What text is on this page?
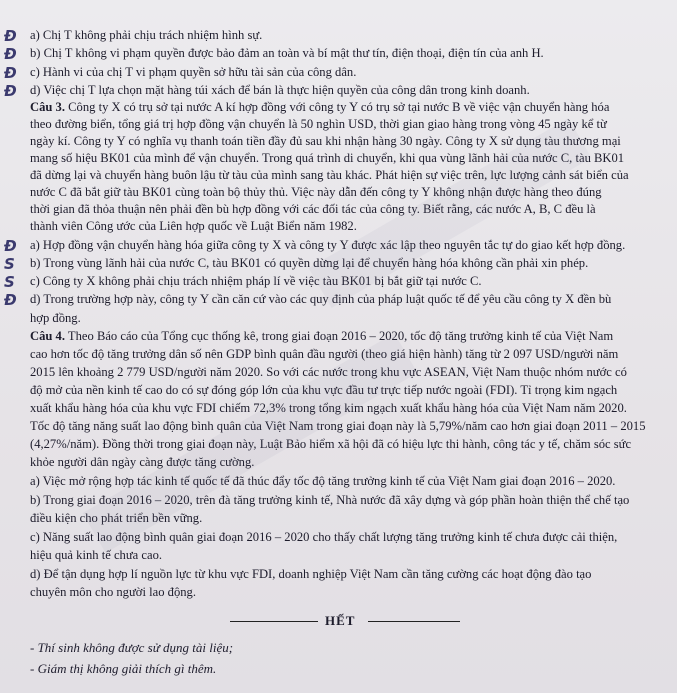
Đ	a) Chị T không phải chịu trách nhiệm hình sự.
Đ	b) Chị T không vi phạm quyền được bảo đảm an toàn và bí mật thư tín, điện thoại, điện tín của anh H.
Đ	c) Hành vi của chị T vi phạm quyền sở hữu tài sản của công dân.
Đ	d) Việc chị T lựa chọn mặt hàng túi xách để bán là thực hiện quyền của công dân trong kinh doanh.
Câu 3. Công ty X có trụ sở tại nước A kí hợp đồng với công ty Y có trụ sở tại nước B về việc vận chuyển hàng hóa
theo đường biển, tổng giá trị hợp đồng vận chuyển là 50 nghìn USD, thời gian giao hàng trong vòng 45 ngày kể từ
ngày kí. Công ty Y có nghĩa vụ thanh toán tiền đầy đủ sau khi nhận hàng 30 ngày. Công ty X sử dụng tàu thương mại
mang số hiệu BK01 của mình để vận chuyển. Trong quá trình di chuyển, khi qua vùng lãnh hải của nước C, tàu BK01
đã dừng lại và chuyển hàng buôn lậu từ tàu của mình sang tàu khác. Phát hiện sự việc trên, lực lượng cảnh sát biển của
nước C đã bắt giữ tàu BK01 cùng toàn bộ thủy thủ. Việc này dẫn đến công ty Y không nhận được hàng theo đúng
thời gian đã thỏa thuận nên phải đền bù hợp đồng với các đối tác của công ty. Biết rằng, các nước A, B, C đều là
thành viên Công ước của Liên hợp quốc về Luật Biển năm 1982.
Đ	a) Hợp đồng vận chuyển hàng hóa giữa công ty X và công ty Y được xác lập theo nguyên tắc tự do giao kết hợp đồng.
S	b) Trong vùng lãnh hải của nước C, tàu BK01 có quyền dừng lại để chuyển hàng hóa không cần phải xin phép.
S	c) Công ty X không phải chịu trách nhiệm pháp lí về việc tàu BK01 bị bắt giữ tại nước C.
Đ	d) Trong trường hợp này, công ty Y cần căn cứ vào các quy định của pháp luật quốc tế để yêu cầu công ty X đền bù
hợp đồng.
Câu 4. Theo Báo cáo của Tổng cục thống kê, trong giai đoạn 2016 – 2020, tốc độ tăng trưởng kinh tế của Việt Nam
cao hơn tốc độ tăng trưởng dân số nên GDP bình quân đầu người (theo giá hiện hành) tăng từ 2 097 USD/người năm
2015 lên khoảng 2 779 USD/người năm 2020. So với các nước trong khu vực ASEAN, Việt Nam thuộc nhóm nước có
độ mở của nền kinh tế cao do có sự đóng góp lớn của khu vực đầu tư trực tiếp nước ngoài (FDI). Tỉ trọng kim ngạch
xuất khẩu hàng hóa của khu vực FDI chiếm 72,3% trong tổng kim ngạch xuất khẩu hàng hóa của Việt Nam năm 2020.
Tốc độ tăng năng suất lao động bình quân của Việt Nam trong giai đoạn này là 5,79%/năm cao hơn giai đoạn 2011 – 2015
(4,27%/năm). Đồng thời trong giai đoạn này, Luật Bảo hiểm xã hội đã có hiệu lực thi hành, công tác y tế, chăm sóc sức
khỏe người dân ngày càng được tăng cường.
a) Việc mở rộng hợp tác kinh tế quốc tế đã thúc đẩy tốc độ tăng trưởng kinh tế của Việt Nam giai đoạn 2016 – 2020.
b) Trong giai đoạn 2016 – 2020, trên đà tăng trưởng kinh tế, Nhà nước đã xây dựng và góp phần hoàn thiện thể chế tạo
điều kiện cho phát triển bền vững.
c) Năng suất lao động bình quân giai đoạn 2016 – 2020 cho thấy chất lượng tăng trưởng kinh tế chưa được cải thiện,
hiệu quả kinh tế chưa cao.
d) Để tận dụng hợp lí nguồn lực từ khu vực FDI, doanh nghiệp Việt Nam cần tăng cường các hoạt động đào tạo
chuyên môn cho người lao động.
HẾT
- Thí sinh không được sử dụng tài liệu;
- Giám thị không giải thích gì thêm.
